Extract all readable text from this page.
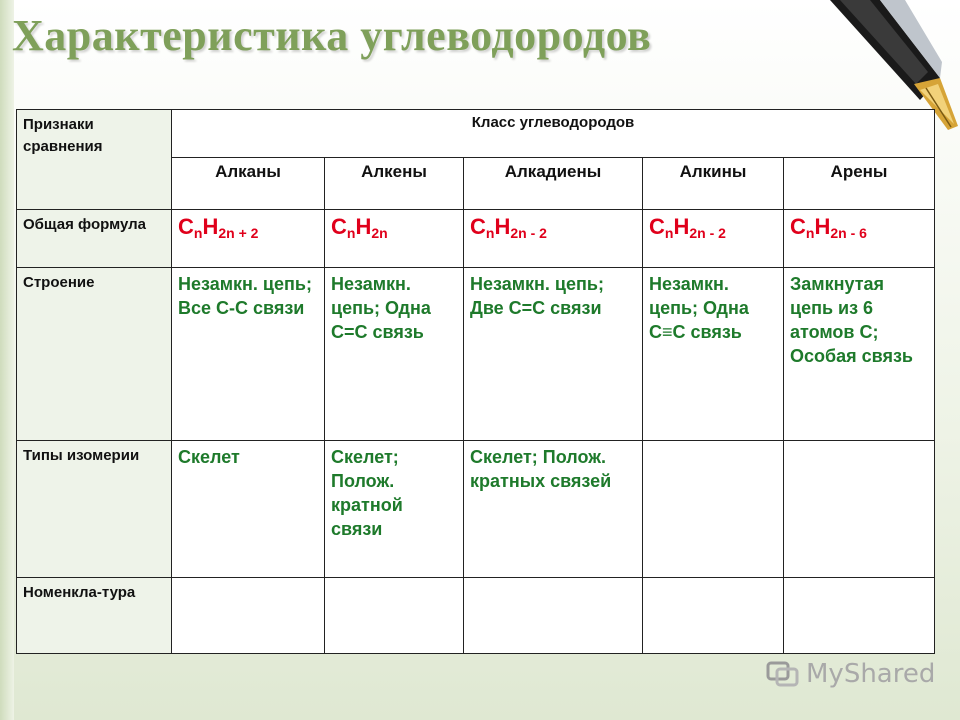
Характеристика углеводородов
Признаки сравнения	Класс углеводородов				
	Алканы	Алкены	Алкадиены	Алкины	Арены
Общая формула	$C_nH_{2n + 2}$	$C_nH_{2n}$	$C_nH_{2n - 2}$	$C_nH_{2n - 2}$	$C_nH_{2n - 6}$
Строение	Незамкн. цепь; Все С-С связи	Незамкн. цепь; Одна С=С связь	Незамкн. цепь; Две С=С связи	Незамкн. цепь; Одна С≡С связь	Замкнутая цепь из 6 атомов С; Особая связь
Типы изомерии	Скелет	Скелет; Полож. кратной связи	Скелет; Полож. кратных связей		
Номенкла-тура					
MyShared
